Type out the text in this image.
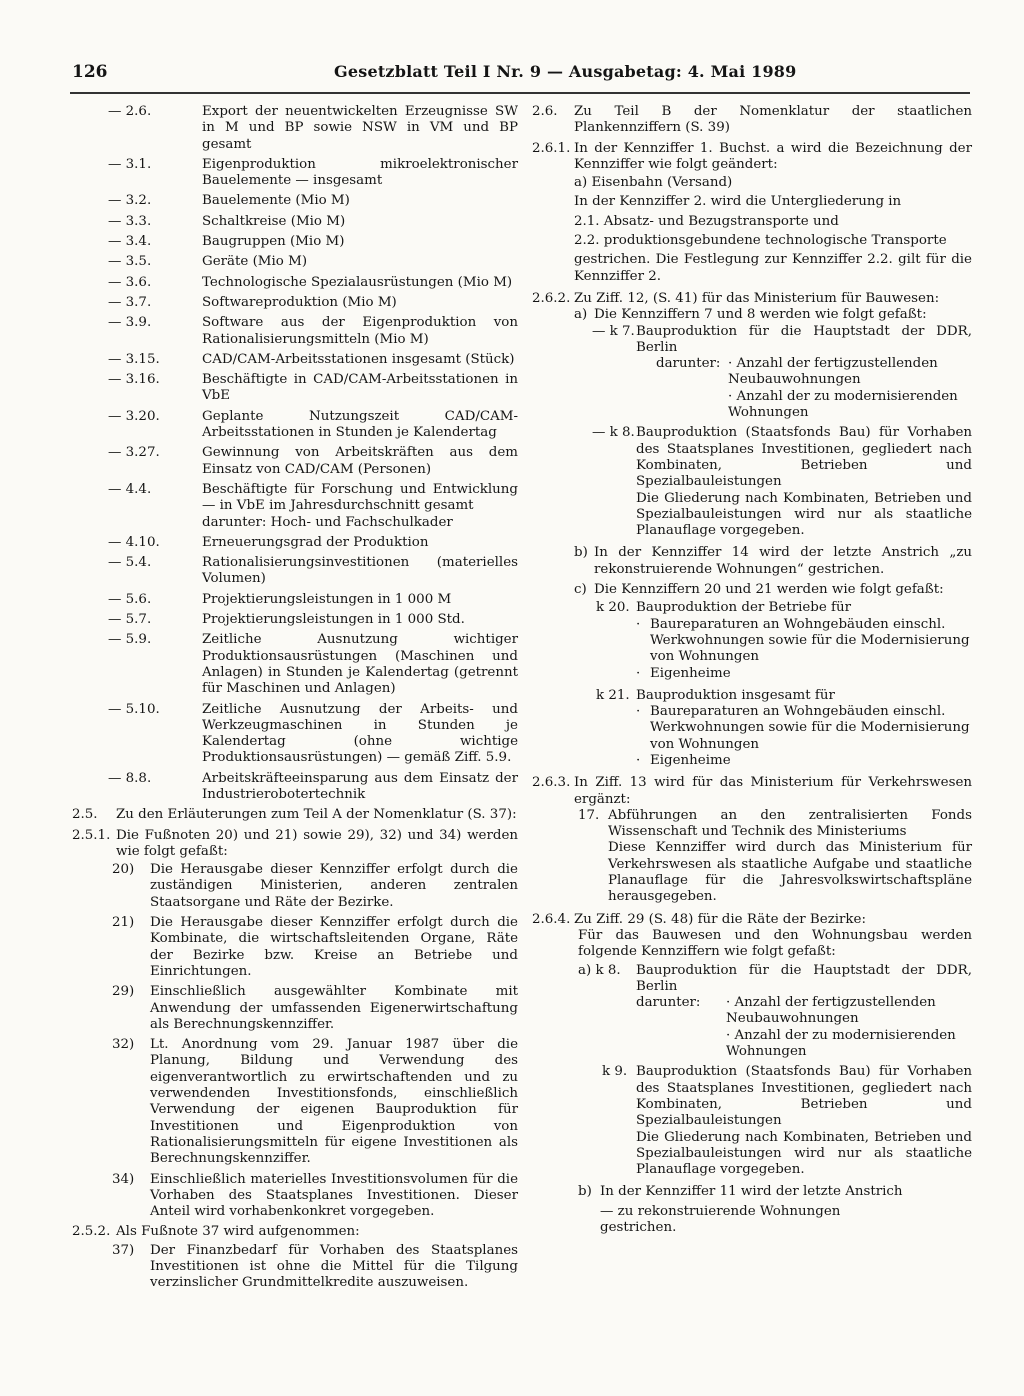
126	Gesetzblatt Teil I Nr. 9 — Ausgabetag: 4. Mai 1989
— 2.6.	Export der neuentwickelten Erzeugnisse SW in M und BP sowie NSW in VM und BP gesamt
— 3.1.	Eigenproduktion mikroelektronischer Bauelemente — insgesamt
— 3.2.	Bauelemente (Mio M)
— 3.3.	Schaltkreise (Mio M)
— 3.4.	Baugruppen (Mio M)
— 3.5.	Geräte (Mio M)
— 3.6.	Technologische Spezialausrüstungen (Mio M)
— 3.7.	Softwareproduktion (Mio M)
— 3.9.	Software aus der Eigenproduktion von Rationalisierungsmitteln (Mio M)
— 3.15.	CAD/CAM-Arbeitsstationen insgesamt (Stück)
— 3.16.	Beschäftigte in CAD/CAM-Arbeitsstationen in VbE
— 3.20.	Geplante Nutzungszeit CAD/CAM-Arbeitsstationen in Stunden je Kalendertag
— 3.27.	Gewinnung von Arbeitskräften aus dem Einsatz von CAD/CAM (Personen)
— 4.4.	Beschäftigte für Forschung und Entwicklung — in VbE im Jahresdurchschnitt gesamt
darunter: Hoch- und Fachschulkader
— 4.10.	Erneuerungsgrad der Produktion
— 5.4.	Rationalisierungsinvestitionen (materielles Volumen)
— 5.6.	Projektierungsleistungen in 1 000 M
— 5.7.	Projektierungsleistungen in 1 000 Std.
— 5.9.	Zeitliche Ausnutzung wichtiger Produktionsausrüstungen (Maschinen und Anlagen) in Stunden je Kalendertag (getrennt für Maschinen und Anlagen)
— 5.10.	Zeitliche Ausnutzung der Arbeits- und Werkzeugmaschinen in Stunden je Kalendertag (ohne wichtige Produktionsausrüstungen) — gemäß Ziff. 5.9.
— 8.8.	Arbeitskräfteeinsparung aus dem Einsatz der Industrierobotertechnik
2.5. Zu den Erläuterungen zum Teil A der Nomenklatur (S. 37):
2.5.1. Die Fußnoten 20) und 21) sowie 29), 32) und 34) werden wie folgt gefaßt:
20) Die Herausgabe dieser Kennziffer erfolgt durch die zuständigen Ministerien, anderen zentralen Staatsorgane und Räte der Bezirke.
21) Die Herausgabe dieser Kennziffer erfolgt durch die Kombinate, die wirtschaftsleitenden Organe, Räte der Bezirke bzw. Kreise an Betriebe und Einrichtungen.
29) Einschließlich ausgewählter Kombinate mit Anwendung der umfassenden Eigenerwirtschaftung als Berechnungskennziffer.
32) Lt. Anordnung vom 29. Januar 1987 über die Planung, Bildung und Verwendung des eigenverantwortlich zu erwirtschaftenden und zu verwendenden Investitionsfonds, einschließlich Verwendung der eigenen Bauproduktion für Investitionen und Eigenproduktion von Rationalisierungsmitteln für eigene Investitionen als Berechnungskennziffer.
34) Einschließlich materielles Investitionsvolumen für die Vorhaben des Staatsplanes Investitionen. Dieser Anteil wird vorhabenkonkret vorgegeben.
2.5.2. Als Fußnote 37 wird aufgenommen:
37) Der Finanzbedarf für Vorhaben des Staatsplanes Investitionen ist ohne die Mittel für die Tilgung verzinslicher Grundmittelkredite auszuweisen.
2.6. Zu Teil B der Nomenklatur der staatlichen Plankennziffern (S. 39)
2.6.1. In der Kennziffer 1. Buchst. a wird die Bezeichnung der Kennziffer wie folgt geändert:
a) Eisenbahn (Versand)
In der Kennziffer 2. wird die Untergliederung in
2.1. Absatz- und Bezugstransporte und
2.2. produktionsgebundene technologische Transporte
gestrichen. Die Festlegung zur Kennziffer 2.2. gilt für die Kennziffer 2.
2.6.2. Zu Ziff. 12, (S. 41) für das Ministerium für Bauwesen:
a) Die Kennziffern 7 und 8 werden wie folgt gefaßt:
— k 7. Bauproduktion für die Hauptstadt der DDR, Berlin
darunter: · Anzahl der fertigzustellenden Neubauwohnungen
· Anzahl der zu modernisierenden Wohnungen
— k 8. Bauproduktion (Staatsfonds Bau) für Vorhaben des Staatsplanes Investitionen, gegliedert nach Kombinaten, Betrieben und Spezialbauleistungen
Die Gliederung nach Kombinaten, Betrieben und Spezialbauleistungen wird nur als staatliche Planauflage vorgegeben.
b) In der Kennziffer 14 wird der letzte Anstrich „zu rekonstruierende Wohnungen“ gestrichen.
c) Die Kennziffern 20 und 21 werden wie folgt gefaßt:
k 20. Bauproduktion der Betriebe für
· Baureparaturen an Wohngebäuden einschl. Werkwohnungen sowie für die Modernisierung von Wohnungen
· Eigenheime
k 21. Bauproduktion insgesamt für
· Baureparaturen an Wohngebäuden einschl. Werkwohnungen sowie für die Modernisierung von Wohnungen
· Eigenheime
2.6.3. In Ziff. 13 wird für das Ministerium für Verkehrswesen ergänzt:
17. Abführungen an den zentralisierten Fonds Wissenschaft und Technik des Ministeriums
Diese Kennziffer wird durch das Ministerium für Verkehrswesen als staatliche Aufgabe und staatliche Planauflage für die Jahresvolkswirtschaftspläne herausgegeben.
2.6.4. Zu Ziff. 29 (S. 48) für die Räte der Bezirke:
Für das Bauwesen und den Wohnungsbau werden folgende Kennziffern wie folgt gefaßt:
a) k 8. Bauproduktion für die Hauptstadt der DDR, Berlin
darunter: · Anzahl der fertigzustellenden Neubauwohnungen
· Anzahl der zu modernisierenden Wohnungen
k 9. Bauproduktion (Staatsfonds Bau) für Vorhaben des Staatsplanes Investitionen, gegliedert nach Kombinaten, Betrieben und Spezialbauleistungen
Die Gliederung nach Kombinaten, Betrieben und Spezialbauleistungen wird nur als staatliche Planauflage vorgegeben.
b) In der Kennziffer 11 wird der letzte Anstrich
— zu rekonstruierende Wohnungen
gestrichen.
